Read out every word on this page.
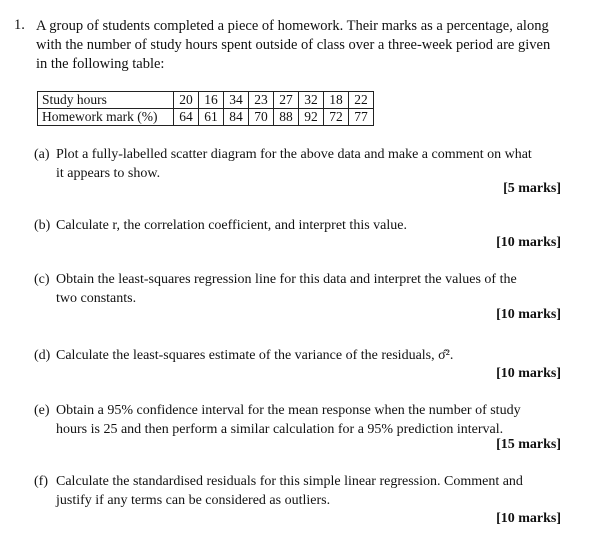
1. A group of students completed a piece of homework. Their marks as a percentage, along
with the number of study hours spent outside of class over a three-week period are given
in the following table:
Study hours	20	16	34	23	27	32	18	22
Homework mark (%)	64	61	84	70	88	92	72	77
(a) Plot a fully-labelled scatter diagram for the above data and make a comment on what
it appears to show.
[5 marks]
(b) Calculate r, the correlation coefficient, and interpret this value.
[10 marks]
(c) Obtain the least-squares regression line for this data and interpret the values of the
two constants.
[10 marks]
(d) Calculate the least-squares estimate of the variance of the residuals, σ̂².
[10 marks]
(e) Obtain a 95% confidence interval for the mean response when the number of study
hours is 25 and then perform a similar calculation for a 95% prediction interval.
[15 marks]
(f) Calculate the standardised residuals for this simple linear regression. Comment and
justify if any terms can be considered as outliers.
[10 marks]
